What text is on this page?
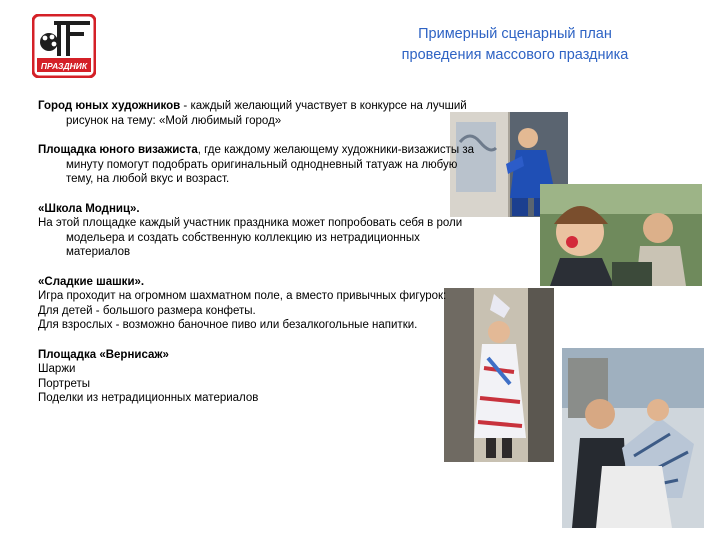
ПРАЗДНИК
Примерный сценарный план
проведения массового праздника
Город юных художников - каждый желающий участвует в конкурсе на лучший рисунок на тему: «Мой любимый город»
Площадка юного визажиста, где каждому желающему художники-визажисты за минуту помогут подобрать оригинальный однодневный татуаж на любую тему, на любой вкус и возраст.
«Школа Модниц».
На этой площадке каждый участник праздника может попробовать себя в роли модельера и создать собственную коллекцию из нетрадиционных материалов
«Сладкие шашки».
Игра проходит на огромном шахматном поле, а вместо привычных фигурок:
Для детей - большого размера конфеты.
Для взрослых - возможно баночное пиво или безалкогольные напитки.
Площадка «Вернисаж»
Шаржи
Портреты
Поделки из нетрадиционных материалов
